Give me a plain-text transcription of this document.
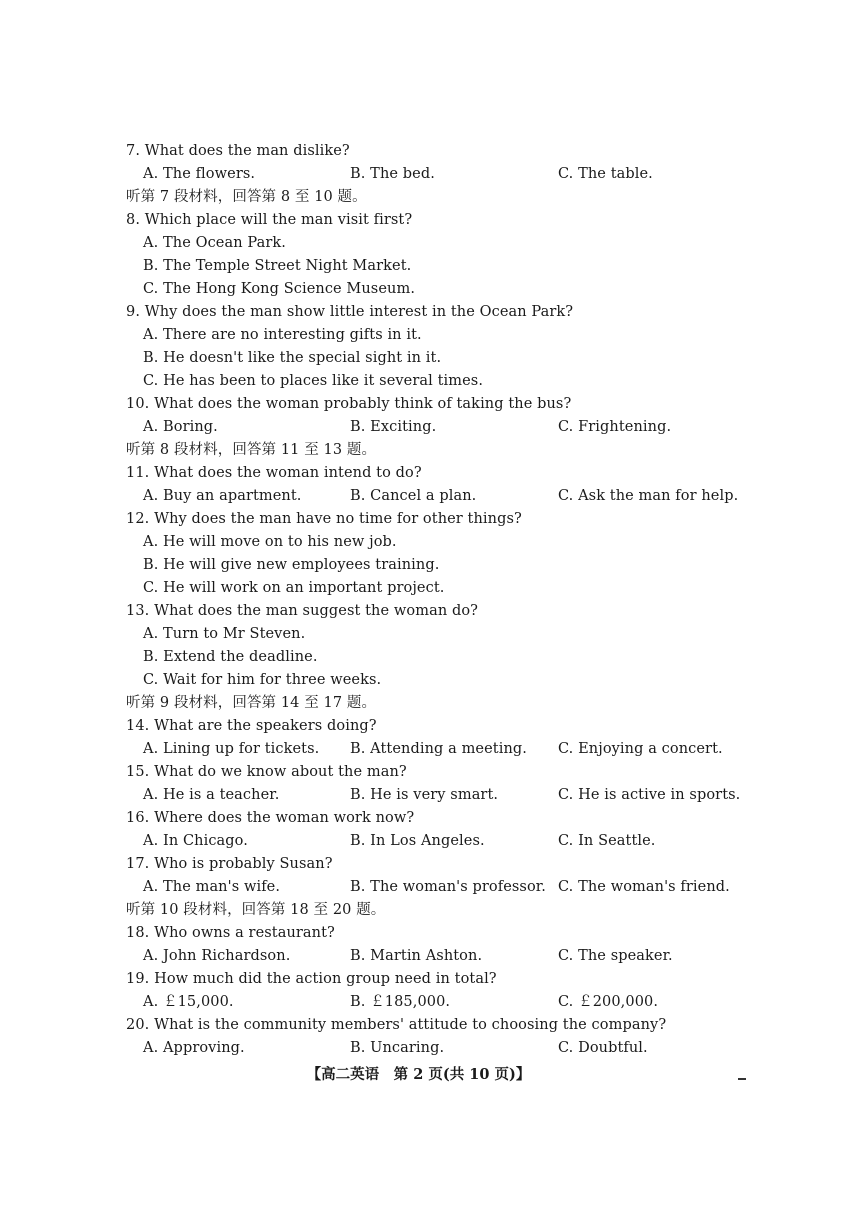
7. What does the man dislike?
A. The flowers.	B. The bed.	C. The table.
听第 7 段材料，回答第 8 至 10 题。
8. Which place will the man visit first?
A. The Ocean Park.
B. The Temple Street Night Market.
C. The Hong Kong Science Museum.
9. Why does the man show little interest in the Ocean Park?
A. There are no interesting gifts in it.
B. He doesn't like the special sight in it.
C. He has been to places like it several times.
10. What does the woman probably think of taking the bus?
A. Boring.	B. Exciting.	C. Frightening.
听第 8 段材料，回答第 11 至 13 题。
11. What does the woman intend to do?
A. Buy an apartment.	B. Cancel a plan.	C. Ask the man for help.
12. Why does the man have no time for other things?
A. He will move on to his new job.
B. He will give new employees training.
C. He will work on an important project.
13. What does the man suggest the woman do?
A. Turn to Mr Steven.
B. Extend the deadline.
C. Wait for him for three weeks.
听第 9 段材料，回答第 14 至 17 题。
14. What are the speakers doing?
A. Lining up for tickets. B. Attending a meeting. C. Enjoying a concert.
15. What do we know about the man?
A. He is a teacher.	B. He is very smart.	C. He is active in sports.
16. Where does the woman work now?
A. In Chicago.	B. In Los Angeles.	C. In Seattle.
17. Who is probably Susan?
A. The man's wife.	B. The woman's professor. C. The woman's friend.
听第 10 段材料，回答第 18 至 20 题。
18. Who owns a restaurant?
A. John Richardson.	B. Martin Ashton.	C. The speaker.
19. How much did the action group need in total?
A. ￡15,000.	B. ￡185,000.	C. ￡200,000.
20. What is the community members' attitude to choosing the company?
A. Approving.	B. Uncaring.	C. Doubtful.
【高二英语　第 2 页(共 10 页)】
